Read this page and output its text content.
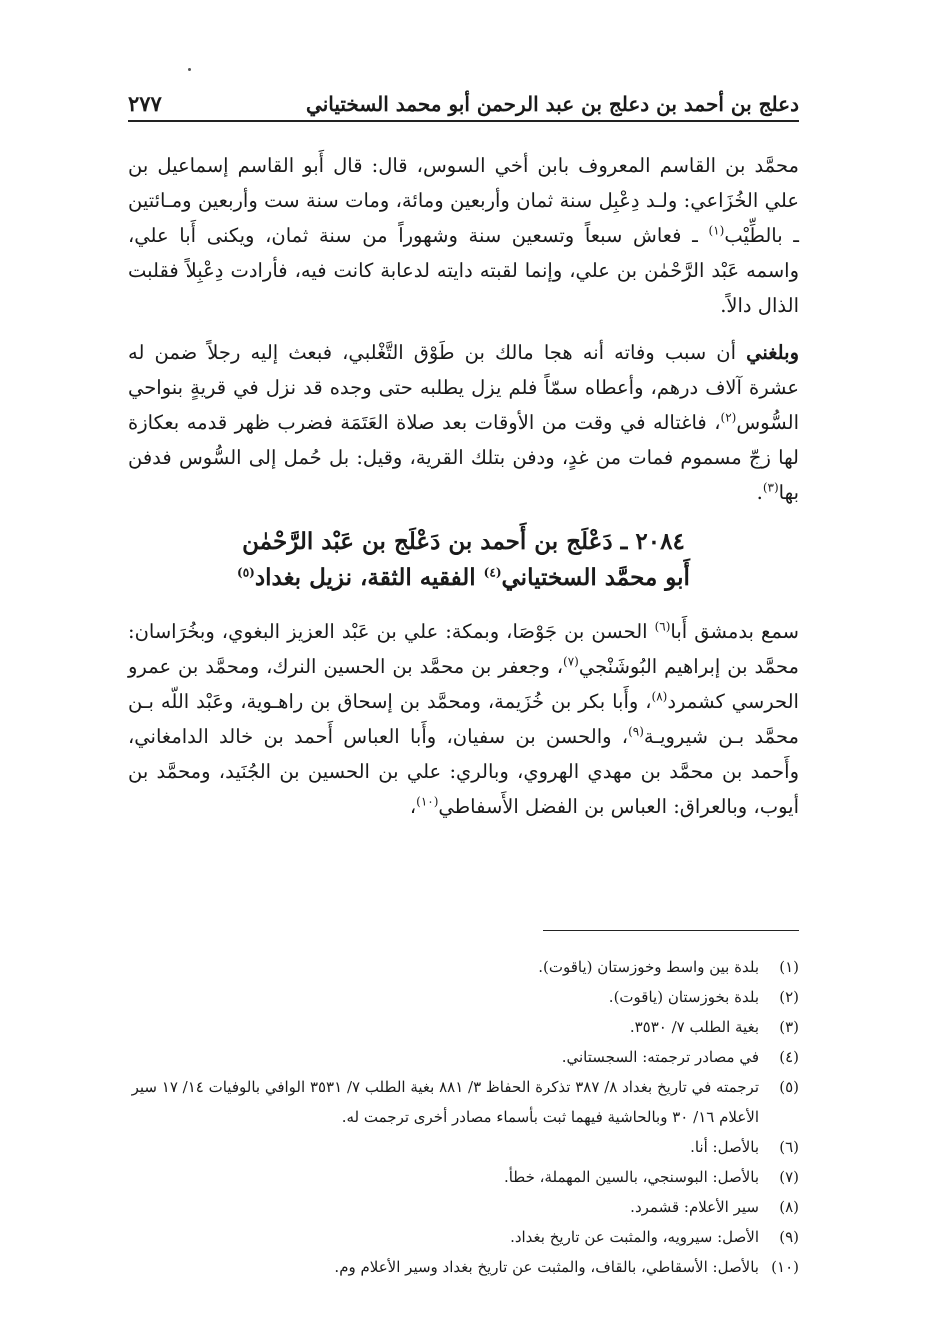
دعلج بن أحمد بن دعلج بن عبد الرحمن أبو محمد السختياني
٢٧٧

محمَّد بن القاسم المعروف بابن أخي السوس، قال: قال أَبو القاسم إسماعيل بن علي الخُزَاعي: ولـد دِعْبِل سنة ثمان وأربعين ومائة، ومات سنة ست وأربعين ومـائتين ـ بالطِّيْب$^{(١)}$ ـ فعاش سبعاً وتسعين سنة وشهوراً من سنة ثمان، ويكنى أَبا علي، واسمه عَبْد الرَّحْمٰن بن علي، وإنما لقبته دايته لدعابة كانت فيه، فأرادت دِعْبِلاً فقلبت الذال دالاً.

وبلغني أن سبب وفاته أنه هجا مالك بن طَوْق التَّغْلبي، فبعث إليه رجلاً ضمن له عشرة آلاف درهم، وأعطاه سمّاً فلم يزل يطلبه حتى وجده قد نزل في قريةٍ بنواحي السُّوس$^{(٢)}$، فاغتاله في وقت من الأوقات بعد صلاة العَتَمَة فضرب ظهر قدمه بعكازة لها زجّ مسموم فمات من غدٍ، ودفن بتلك القرية، وقيل: بل حُمل إلى السُّوس فدفن بها$^{(٣)}$.

٢٠٨٤ ـ دَعْلَج بن أَحمد بن دَعْلَج بن عَبْد الرَّحْمٰن
أَبو محمَّد السختياني$^{(٤)}$ الفقيه الثقة، نزيل بغداد$^{(٥)}$

سمع بدمشق أَبا$^{(٦)}$ الحسن بن جَوْصَا، وبمكة: علي بن عَبْد العزيز البغوي، وبخُرَاسان: محمَّد بن إبراهيم البُوشَنْجي$^{(٧)}$، وجعفر بن محمَّد بن الحسين النرك، ومحمَّد بن عمرو الحرسي كشمرد$^{(٨)}$، وأَبا بكر بن خُزَيمة، ومحمَّد بن إسحاق بن راهـوية، وعَبْد اللّه بـن محمَّد بـن شيرويـة$^{(٩)}$، والحسن بن سفيان، وأَبا العباس أَحمد بن خالد الدامغاني، وأَحمد بن محمَّد بن مهدي الهروي، وبالري: علي بن الحسين بن الجُنَيد، ومحمَّد بن أيوب، وبالعراق: العباس بن الفضل الأَسفاطي$^{(١٠)}$،

(١)
بلدة بين واسط وخوزستان (ياقوت).
(٢)
بلدة بخوزستان (ياقوت).
(٣)
بغية الطلب ٧/ ٣٥٣٠.
(٤)
في مصادر ترجمته: السجستاني.
(٥)
ترجمته في تاريخ بغداد ٨/ ٣٨٧ تذكرة الحفاظ ٣/ ٨٨١ بغية الطلب ٧/ ٣٥٣١ الوافي بالوفيات ١٤/ ١٧ سير الأعلام ١٦/ ٣٠ وبالحاشية فيهما ثبت بأسماء مصادر أخرى ترجمت له.
(٦)
بالأصل: أنا.
(٧)
بالأصل: البوسنجي، بالسين المهملة، خطأ.
(٨)
سير الأعلام: قشمرد.
(٩)
الأصل: سيرويه، والمثبت عن تاريخ بغداد.
(١٠)
بالأصل: الأسقاطي، بالقاف، والمثبت عن تاريخ بغداد وسير الأعلام وم.
